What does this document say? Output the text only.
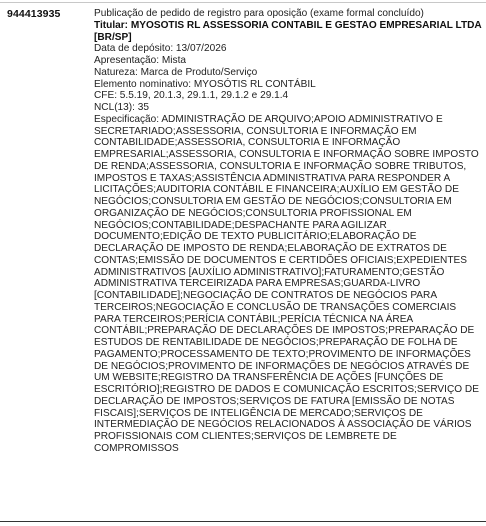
944413935	Publicação de pedido de registro para oposição (exame formal concluído)
Titular: MYOSOTIS RL ASSESSORIA CONTABIL E GESTAO EMPRESARIAL LTDA
[BR/SP]
Data de depósito: 13/07/2026
Apresentação: Mista
Natureza: Marca de Produto/Serviço
Elemento nominativo: MYOSÓTIS RL CONTÁBIL
CFE: 5.5.19, 20.1.3, 29.1.1, 29.1.2 e 29.1.4
NCL(13): 35
Especificação: ADMINISTRAÇÃO DE ARQUIVO;APOIO ADMINISTRATIVO E SECRETARIADO;ASSESSORIA, CONSULTORIA E INFORMAÇÃO EM CONTABILIDADE;ASSESSORIA, CONSULTORIA E INFORMAÇÃO EMPRESARIAL;ASSESSORIA, CONSULTORIA E INFORMAÇÃO SOBRE IMPOSTO DE RENDA;ASSESSORIA, CONSULTORIA E INFORMAÇÃO SOBRE TRIBUTOS, IMPOSTOS E TAXAS;ASSISTÊNCIA ADMINISTRATIVA PARA RESPONDER A LICITAÇÕES;AUDITORIA CONTÁBIL E FINANCEIRA;AUXÍLIO EM GESTÃO DE NEGÓCIOS;CONSULTORIA EM GESTÃO DE NEGÓCIOS;CONSULTORIA EM ORGANIZAÇÃO DE NEGÓCIOS;CONSULTORIA PROFISSIONAL EM NEGÓCIOS;CONTABILIDADE;DESPACHANTE PARA AGILIZAR DOCUMENTO;EDIÇÃO DE TEXTO PUBLICITÁRIO;ELABORAÇÃO DE DECLARAÇÃO DE IMPOSTO DE RENDA;ELABORAÇÃO DE EXTRATOS DE CONTAS;EMISSÃO DE DOCUMENTOS E CERTIDÕES OFICIAIS;EXPEDIENTES ADMINISTRATIVOS [AUXÍLIO ADMINISTRATIVO];FATURAMENTO;GESTÃO ADMINISTRATIVA TERCEIRIZADA PARA EMPRESAS;GUARDA-LIVRO [CONTABILIDADE];NEGOCIAÇÃO DE CONTRATOS DE NEGÓCIOS PARA TERCEIROS;NEGOCIAÇÃO E CONCLUSÃO DE TRANSAÇÕES COMERCIAIS PARA TERCEIROS;PERÍCIA CONTÁBIL;PERÍCIA TÉCNICA NA ÁREA CONTÁBIL;PREPARAÇÃO DE DECLARAÇÕES DE IMPOSTOS;PREPARAÇÃO DE ESTUDOS DE RENTABILIDADE DE NEGÓCIOS;PREPARAÇÃO DE FOLHA DE PAGAMENTO;PROCESSAMENTO DE TEXTO;PROVIMENTO DE INFORMAÇÕES DE NEGÓCIOS;PROVIMENTO DE INFORMAÇÕES DE NEGÓCIOS ATRAVÉS DE UM WEBSITE;REGISTRO DA TRANSFERÊNCIA DE AÇÕES [FUNÇÕES DE ESCRITÓRIO];REGISTRO DE DADOS E COMUNICAÇÃO ESCRITOS;SERVIÇO DE DECLARAÇÃO DE IMPOSTOS;SERVIÇOS DE FATURA [EMISSÃO DE NOTAS FISCAIS];SERVIÇOS DE INTELIGÊNCIA DE MERCADO;SERVIÇOS DE INTERMEDIAÇÃO DE NEGÓCIOS RELACIONADOS À ASSOCIAÇÃO DE VÁRIOS PROFISSIONAIS COM CLIENTES;SERVIÇOS DE LEMBRETE DE COMPROMISSOS
